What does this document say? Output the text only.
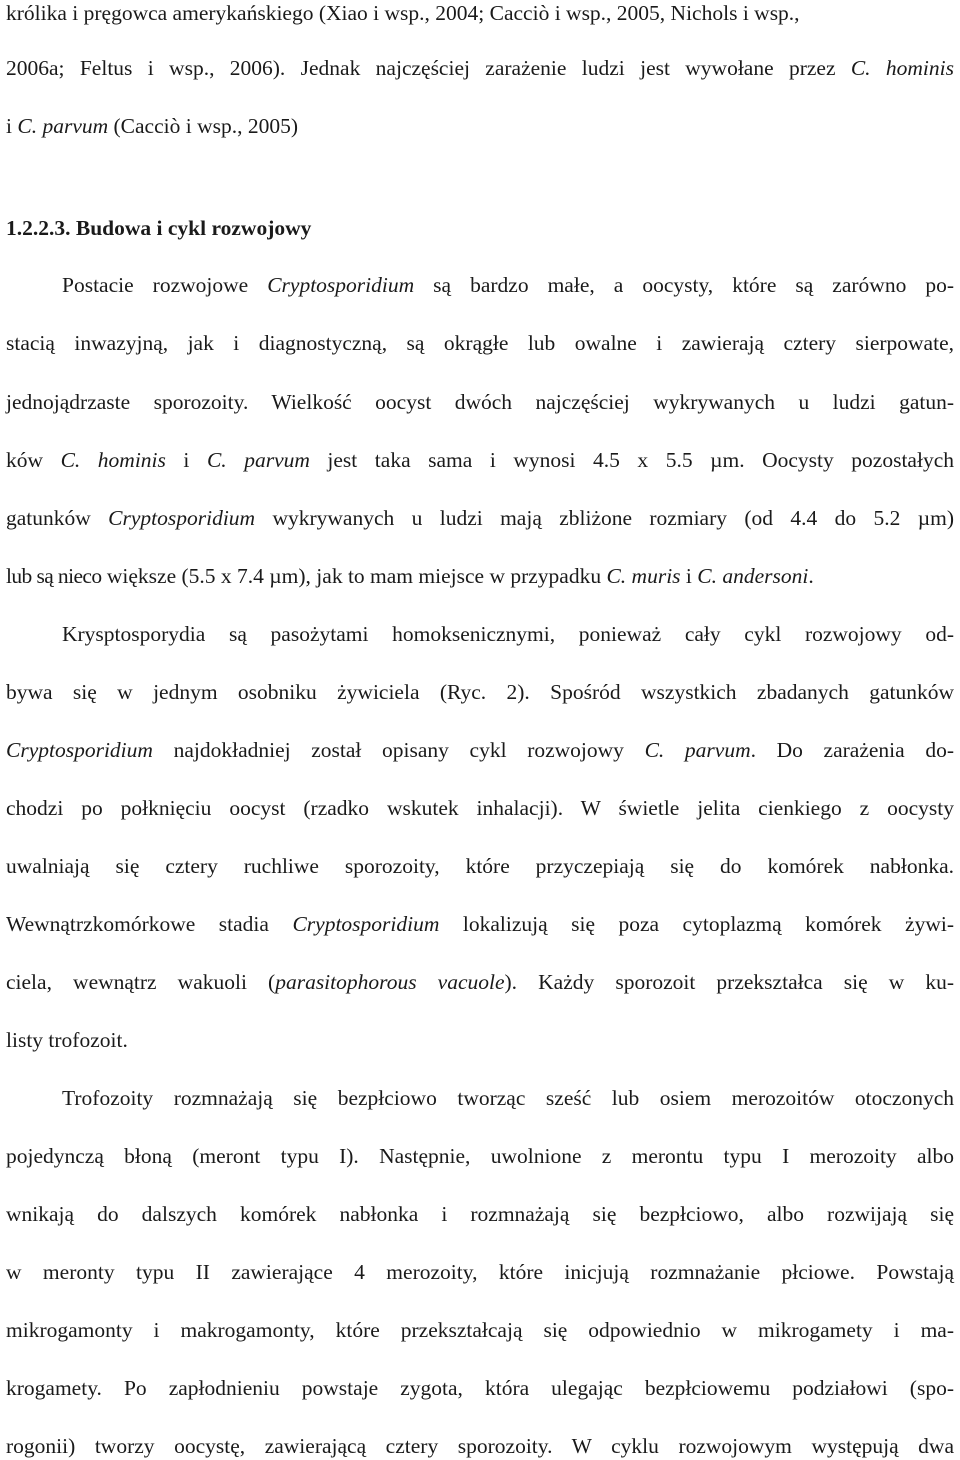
królika i pręgowca amerykańskiego (Xiao i wsp., 2004; Cacciò i wsp., 2005, Nichols i wsp.,
2006a; Feltus i wsp., 2006). Jednak najczęściej zarażenie ludzi jest wywołane przez C. hominis
i C. parvum (Cacciò i wsp., 2005)
1.2.2.3. Budowa i cykl rozwojowy
Postacie rozwojowe Cryptosporidium są bardzo małe, a oocysty, które są zarówno po-
stacią inwazyjną, jak i diagnostyczną, są okrągłe lub owalne i zawierają cztery sierpowate,
jednojądrzaste sporozoity. Wielkość oocyst dwóch najczęściej wykrywanych u ludzi gatun-
ków C. hominis i C. parvum jest taka sama i wynosi 4.5 x 5.5 µm. Oocysty pozostałych
gatunków Cryptosporidium wykrywanych u ludzi mają zbliżone rozmiary (od 4.4 do 5.2 µm)
lub są nieco większe (5.5 x 7.4 µm), jak to mam miejsce w przypadku C. muris i C. andersoni.
Krysptosporydia są pasożytami homoksenicznymi, ponieważ cały cykl rozwojowy od-
bywa się w jednym osobniku żywiciela (Ryc. 2). Spośród wszystkich zbadanych gatunków
Cryptosporidium najdokładniej został opisany cykl rozwojowy C. parvum. Do zarażenia do-
chodzi po połknięciu oocyst (rzadko wskutek inhalacji). W świetle jelita cienkiego z oocysty
uwalniają się cztery ruchliwe sporozoity, które przyczepiają się do komórek nabłonka.
Wewnątrzkomórkowe stadia Cryptosporidium lokalizują się poza cytoplazmą komórek żywi-
ciela, wewnątrz wakuoli (parasitophorous vacuole). Każdy sporozoit przekształca się w ku-
listy trofozoit.
Trofozoity rozmnażają się bezpłciowo tworząc sześć lub osiem merozoitów otoczonych
pojedynczą błoną (meront typu I). Następnie, uwolnione z merontu typu I merozoity albo
wnikają do dalszych komórek nabłonka i rozmnażają się bezpłciowo, albo rozwijają się
w meronty typu II zawierające 4 merozoity, które inicjują rozmnażanie płciowe. Powstają
mikrogamonty i makrogamonty, które przekształcają się odpowiednio w mikrogamety i ma-
krogamety. Po zapłodnieniu powstaje zygota, która ulegając bezpłciowemu podziałowi (spo-
rogonii) tworzy oocystę, zawierającą cztery sporozoity. W cyklu rozwojowym występują dwa
